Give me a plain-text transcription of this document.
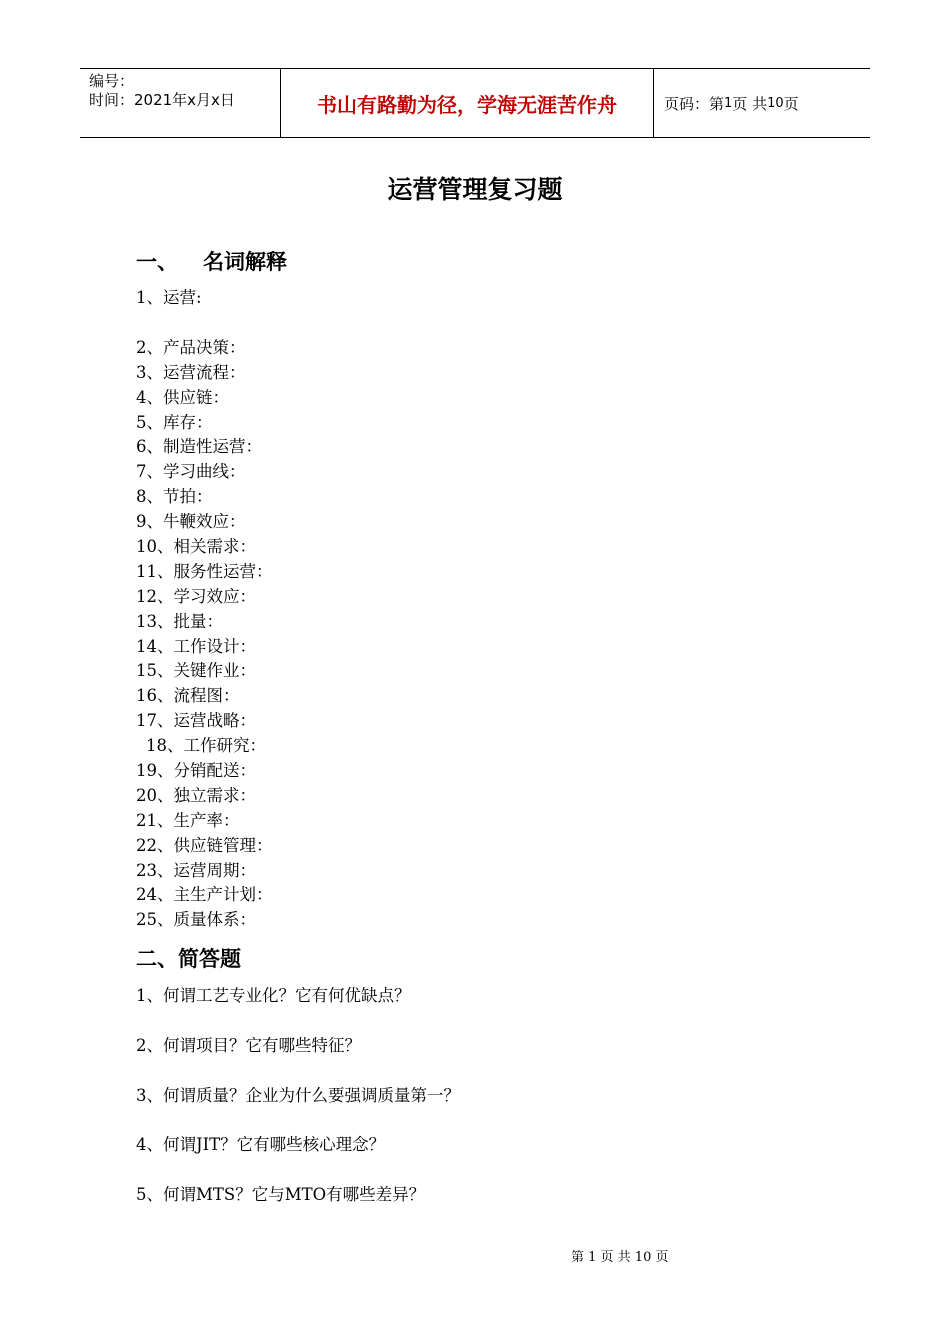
编号：
时间：2021年x月x日	书山有路勤为径，学海无涯苦作舟	页码：第 1 页 共 10 页
运营管理复习题
一、 名词解释
1、运营:
2、产品决策：
3、运营流程：
4、供应链：
5、库存：
6、制造性运营：
7、学习曲线：
8、节拍：
9、牛鞭效应：
10、相关需求：
11、服务性运营：
12、学习效应：
13、批量：
14、工作设计：
15、关键作业：
16、流程图：
17、运营战略：
18、工作研究：
19、分销配送：
20、独立需求：
21、生产率：
22、供应链管理：
23、运营周期：
24、主生产计划：
25、质量体系：
二、简答题
1、何谓工艺专业化？它有何优缺点？
2、何谓项目？它有哪些特征？
3、何谓质量？企业为什么要强调质量第一？
4、何谓JIT？它有哪些核心理念？
5、何谓MTS？它与MTO有哪些差异？
第 1 页 共 10 页
